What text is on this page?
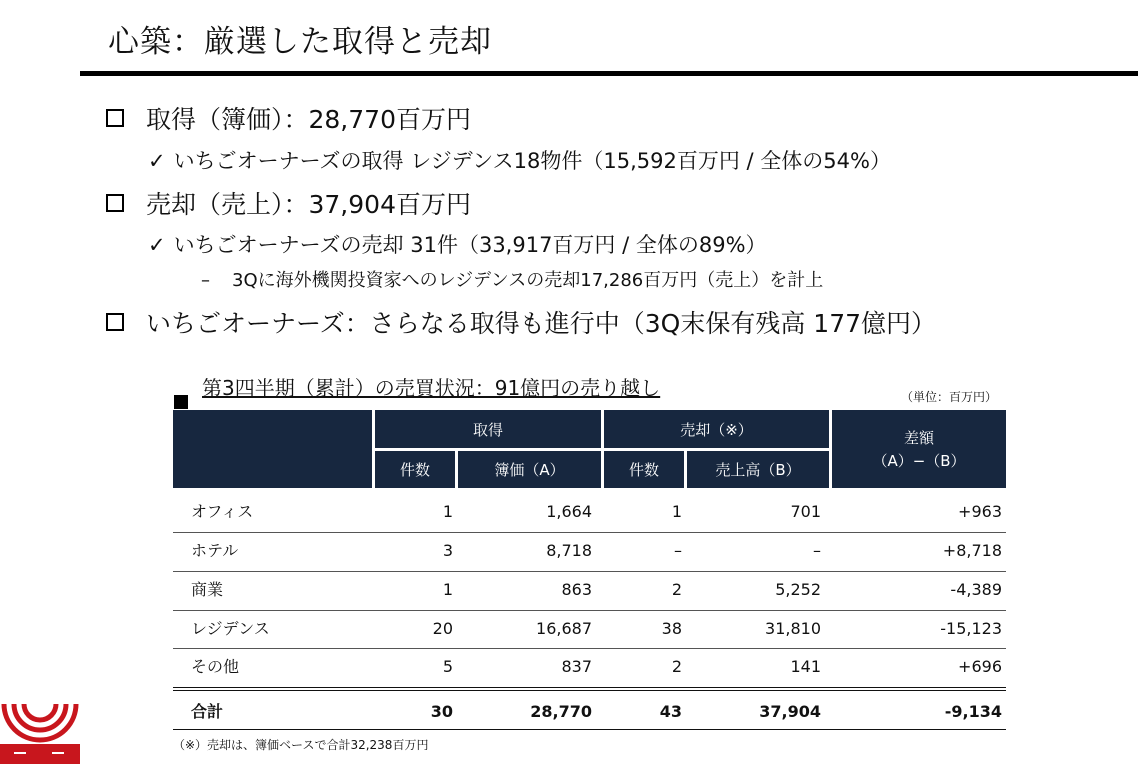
心築：厳選した取得と売却
取得（簿価）：28,770百万円
✓ いちごオーナーズの取得 レジデンス18物件（15,592百万円 / 全体の54%）
売却（売上）：37,904百万円
✓ いちごオーナーズの売却 31件（33,917百万円 / 全体の89%）
– 3Qに海外機関投資家へのレジデンスの売却17,286百万円（売上）を計上
いちごオーナーズ：さらなる取得も進行中（3Q末保有残高 177億円）
第3四半期（累計）の売買状況：91億円の売り越し	（単位：百万円）
取得	売却（※）	差額
（A）−（B）
件数	簿価（A）	件数	売上高（B）
オフィス	1	1,664	1	701	+963
ホテル	3	8,718	–	–	+8,718
商業	1	863	2	5,252	-4,389
レジデンス	20	16,687	38	31,810	-15,123
その他	5	837	2	141	+696
合計	30	28,770	43	37,904	-9,134
（※）売却は、簿価ベースで合計32,238百万円
